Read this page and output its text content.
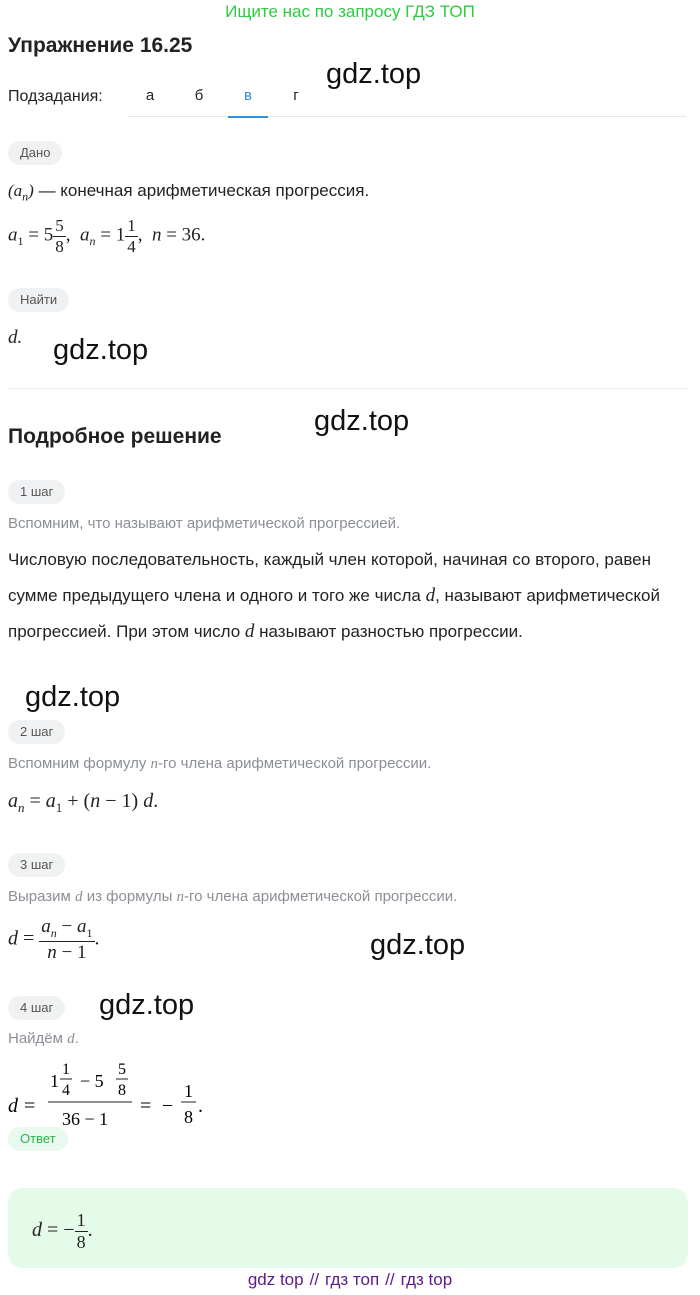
Ищите нас по запросу ГДЗ ТОП
Упражнение 16.25
gdz.top
gdz.top
gdz.top
gdz.top
gdz.top
gdz.top
Подзадания:	а	б	в	г
Дано
$(a_n)$ — конечная арифметическая прогрессия.
$a_1 = 5 \frac{5}{8}$ ,  $a_n = 1 \frac{1}{4}$ ,  n = 36.
Найти
d.
Подробное решение
1 шаг
Вспомним, что называют арифметической прогрессией.
Числовую последовательность, каждый член которой, начиная со второго, равен сумме предыдущего члена и одного и того же числа d, называют арифметической прогрессией. При этом число d называют разностью прогрессии.
2 шаг
Вспомним формулу n-го члена арифметической прогрессии.
$a_n = a_1 + (n - 1)$ d.
3 шаг
Выразим d из формулы n-го члена арифметической прогрессии.
$d = \frac{a_n - a_1}{n - 1}$ .
4 шаг
Найдём d.
d =
1
1
4 − 5
5
8
36 − 1
= −
1
8 .
Ответ
d = − $\frac{1}{8}$ .
gdz top // гдз топ // гдз top
